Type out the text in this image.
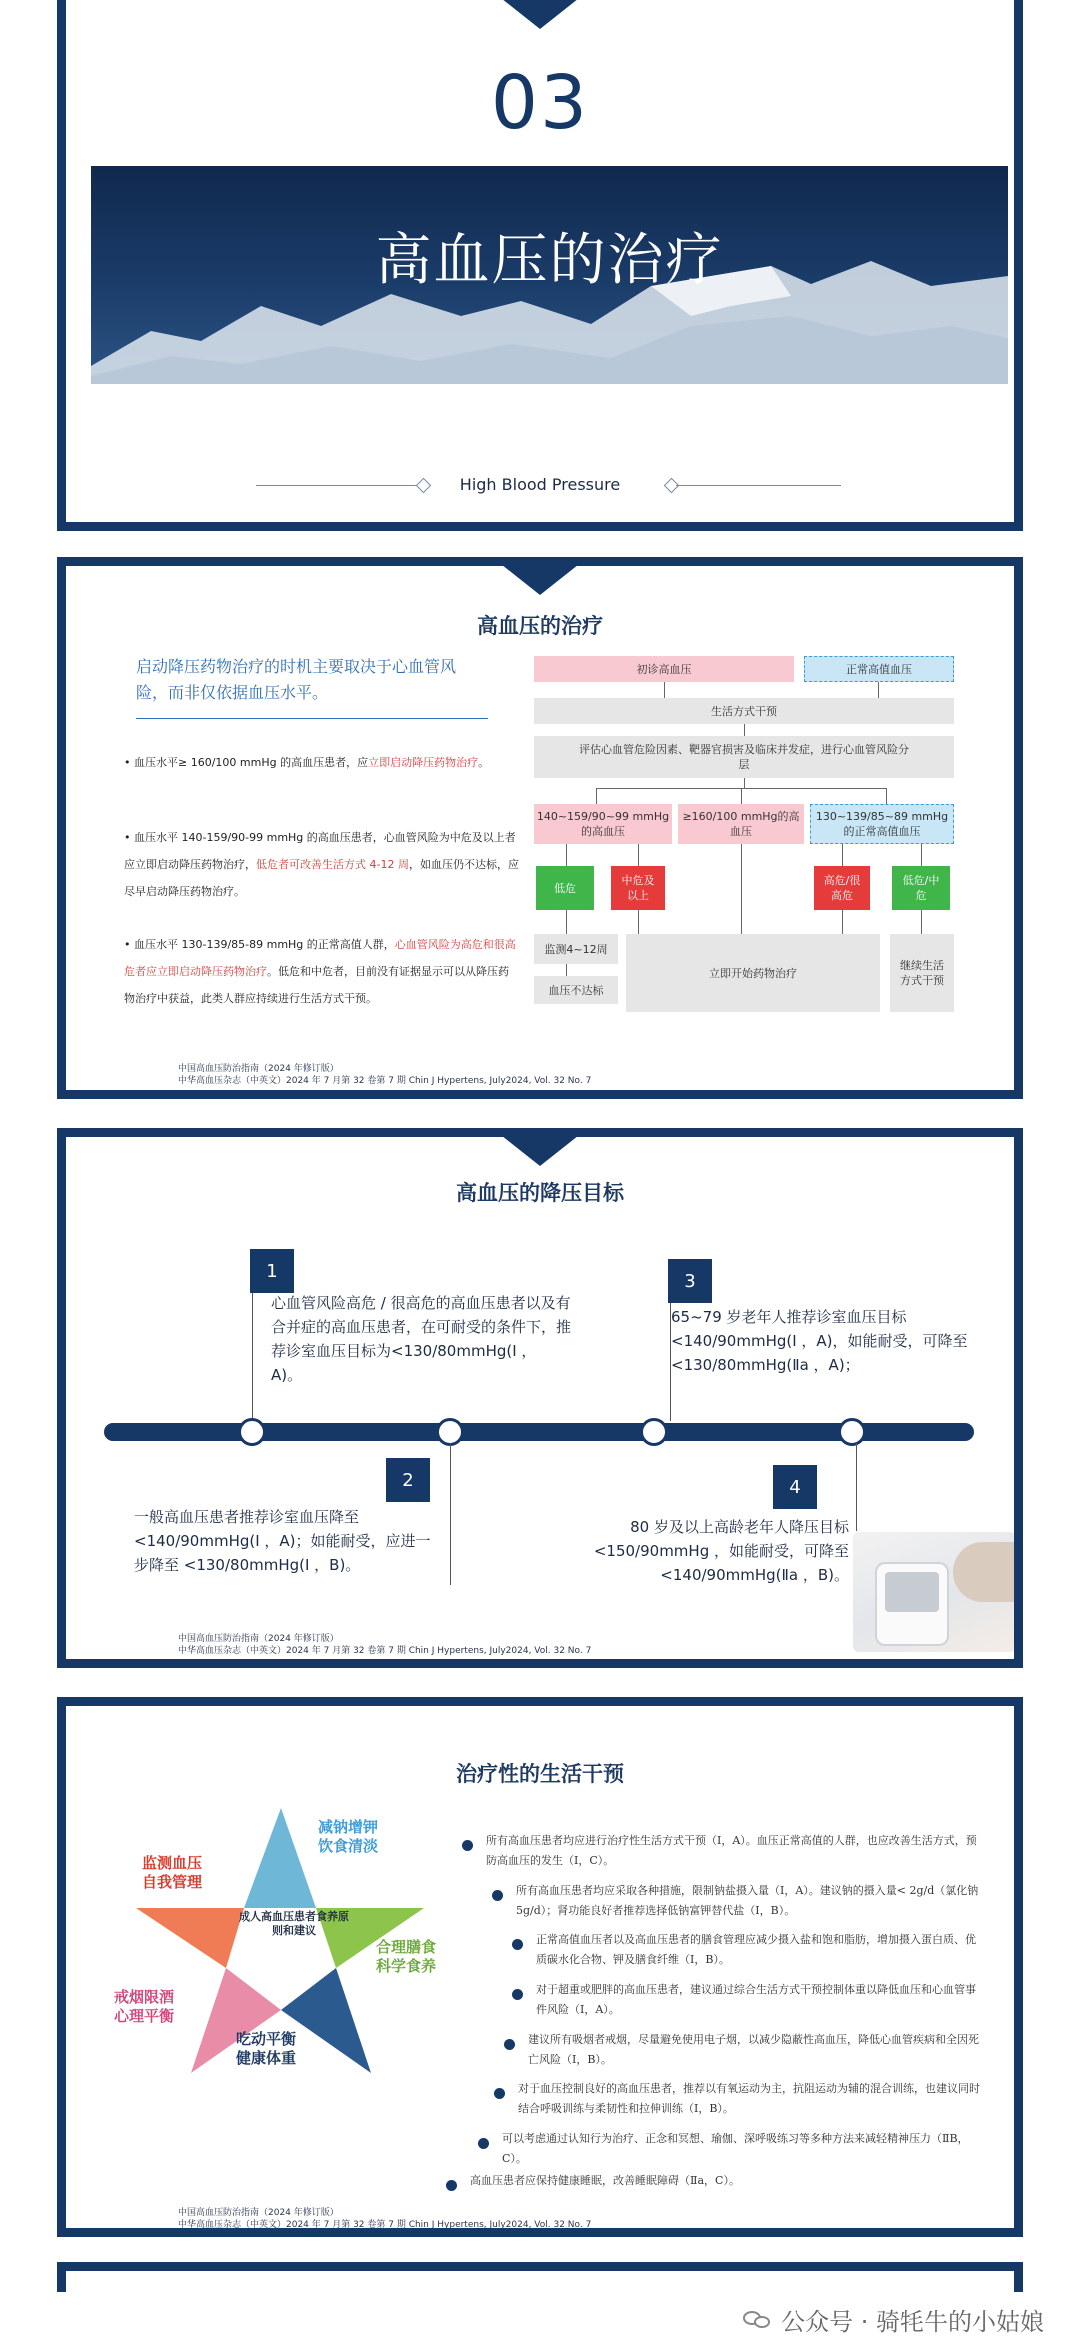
03
高血压的治疗
High Blood Pressure
高血压的治疗
启动降压药物治疗的时机主要取决于心血管风险，而非仅依据血压水平。
• 血压水平≥ 160/100 mmHg 的高血压患者，应立即启动降压药物治疗。
• 血压水平 140-159/90-99 mmHg 的高血压患者，心血管风险为中危及以上者应立即启动降压药物治疗，低危者可改善生活方式 4-12 周，如血压仍不达标，应尽早启动降压药物治疗。
• 血压水平 130-139/85-89 mmHg 的正常高值人群，心血管风险为高危和很高危者应立即启动降压药物治疗。低危和中危者，目前没有证据显示可以从降压药物治疗中获益，此类人群应持续进行生活方式干预。
初诊高血压	正常高值血压
生活方式干预
评估心血管危险因素、靶器官损害及临床并发症，进行心血管风险分层
140~159/90~99 mmHg的高血压
≥160/100 mmHg的高血压
130~139/85~89 mmHg的正常高值血压
低危
中危及以上
高危/很高危
低危/中危
监测4~12周
立即开始药物治疗
继续生活方式干预
血压不达标
中国高血压防治指南（2024 年修订版）
中华高血压杂志（中英文）2024 年 7 月第 32 卷第 7 期 Chin J Hypertens, July2024, Vol. 32 No. 7
高血压的降压目标
1
心血管风险高危 / 很高危的高血压患者以及有合并症的高血压患者，在可耐受的条件下，推荐诊室血压目标为<130/80mmHg(I ， A)。
3
65~79 岁老年人推荐诊室血压目标<140/90mmHg(I ，A)，如能耐受，可降至 <130/80mmHg(Ⅱa ，A)；
2
一般高血压患者推荐诊室血压降至<140/90mmHg(I ，A)；如能耐受，应进一步降至 <130/80mmHg(I ，B)。
4
80 岁及以上高龄老年人降压目标<150/90mmHg ，如能耐受，可降至<140/90mmHg(Ⅱa ，B)。
中国高血压防治指南（2024 年修订版）
中华高血压杂志（中英文）2024 年 7 月第 32 卷第 7 期 Chin J Hypertens, July2024, Vol. 32 No. 7
治疗性的生活干预
成人高血压患者食养原则和建议
减钠增钾饮食清淡
合理膳食科学食养
吃动平衡健康体重
戒烟限酒心理平衡
监测血压自我管理
所有高血压患者均应进行治疗性生活方式干预（Ⅰ，A）。血压正常高值的人群，也应改善生活方式，预防高血压的发生（Ⅰ，C）。
所有高血压患者均应采取各种措施，限制钠盐摄入量（Ⅰ，A）。建议钠的摄入量< 2g/d（氯化钠 5g/d）；肾功能良好者推荐选择低钠富钾替代盐（Ⅰ，B）。
正常高值血压者以及高血压患者的膳食管理应减少摄入盐和饱和脂肪，增加摄入蛋白质、优质碳水化合物、钾及膳食纤维（Ⅰ，B）。
对于超重或肥胖的高血压患者，建议通过综合生活方式干预控制体重以降低血压和心血管事件风险（Ⅰ，A）。
建议所有吸烟者戒烟，尽量避免使用电子烟，以减少隐蔽性高血压，降低心血管疾病和全因死亡风险（Ⅰ，B）。
对于血压控制良好的高血压患者，推荐以有氧运动为主，抗阻运动为辅的混合训练，也建议同时结合呼吸训练与柔韧性和拉伸训练（Ⅰ，B）。
可以考虑通过认知行为治疗、正念和冥想、瑜伽、深呼吸练习等多种方法来减轻精神压力（ⅡB，C）。
高血压患者应保持健康睡眠，改善睡眠障碍（Ⅱa，C）。
中国高血压防治指南（2024 年修订版）
中华高血压杂志（中英文）2024 年 7 月第 32 卷第 7 期 Chin J Hypertens, July2024, Vol. 32 No. 7
公众号 · 骑牦牛的小姑娘
